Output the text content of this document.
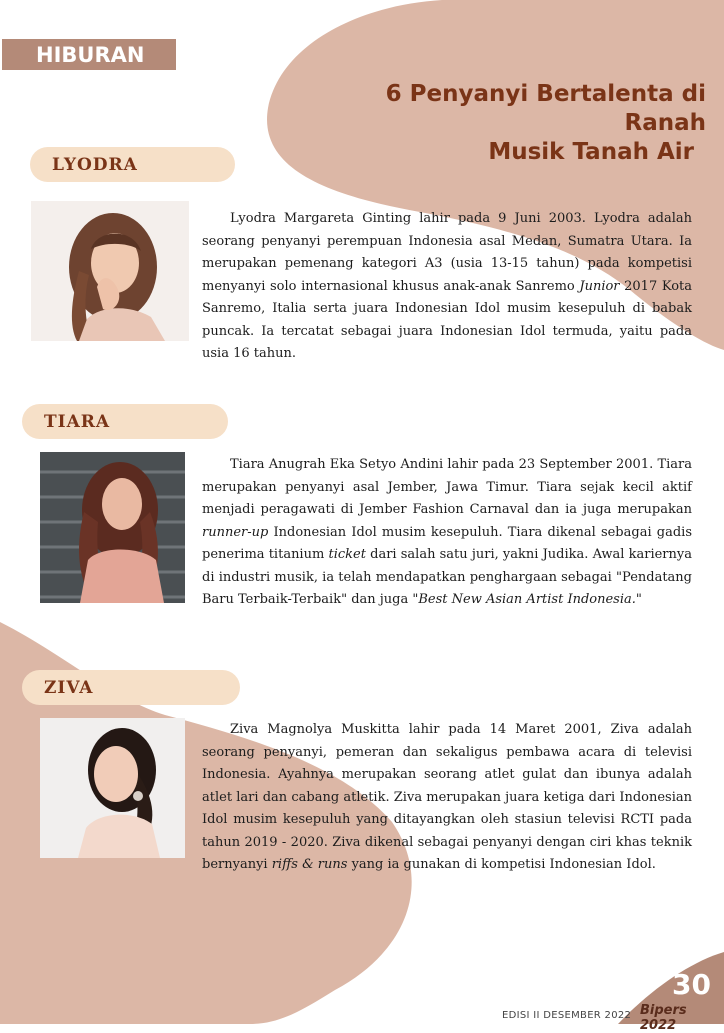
HIBURAN
6 Penyanyi Bertalenta di Ranah
Musik Tanah Air
LYODRA

Lyodra Margareta Ginting lahir pada 9 Juni 2003. Lyodra adalah seorang penyanyi perempuan Indonesia asal Medan, Sumatra Utara. Ia merupakan pemenang kategori A3 (usia 13-15 tahun) pada kompetisi menyanyi solo internasional khusus anak-anak Sanremo Junior 2017 Kota Sanremo, Italia serta juara Indonesian Idol musim kesepuluh di babak puncak. Ia tercatat sebagai juara Indonesian Idol termuda, yaitu pada usia 16 tahun.

TIARA

Tiara Anugrah Eka Setyo Andini lahir pada 23 September 2001. Tiara merupakan penyanyi asal Jember, Jawa Timur. Tiara sejak kecil aktif menjadi peragawati di Jember Fashion Carnaval dan ia juga merupakan runner-up Indonesian Idol musim kesepuluh. Tiara dikenal sebagai gadis penerima titanium ticket dari salah satu juri, yakni Judika. Awal kariernya di industri musik, ia telah mendapatkan penghargaan sebagai "Pendatang Baru Terbaik-Terbaik" dan juga "Best New Asian Artist Indonesia."

ZIVA

Ziva Magnolya Muskitta lahir pada 14 Maret 2001, Ziva adalah seorang penyanyi, pemeran dan sekaligus pembawa acara di televisi Indonesia. Ayahnya merupakan seorang atlet gulat dan ibunya adalah atlet lari dan cabang atletik. Ziva merupakan juara ketiga dari Indonesian Idol musim kesepuluh yang ditayangkan oleh stasiun televisi RCTI pada tahun 2019 - 2020. Ziva dikenal sebagai penyanyi dengan ciri khas teknik bernyanyi riffs & runs yang ia gunakan di kompetisi Indonesian Idol.

EDISI II DESEMBER 2022
30
Bipers 2022
